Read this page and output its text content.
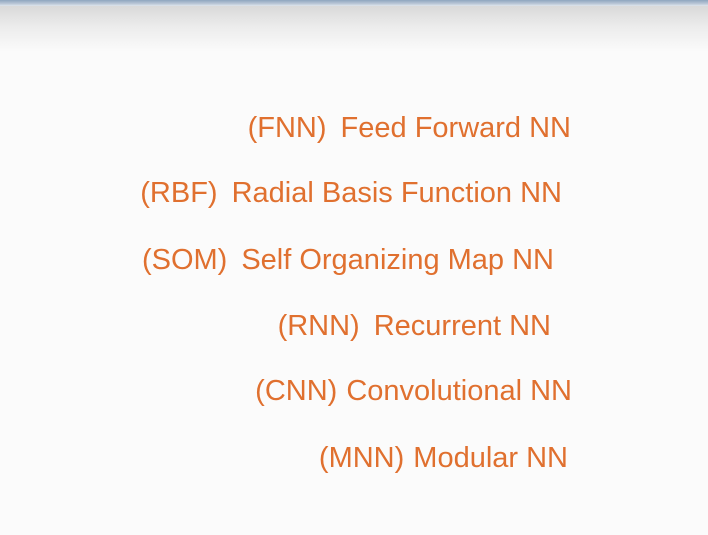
(FNN) Feed Forward NN
(RBF) Radial Basis Function NN
(SOM) Self Organizing Map NN
(RNN) Recurrent NN
(CNN) Convolutional NN
(MNN) Modular NN
